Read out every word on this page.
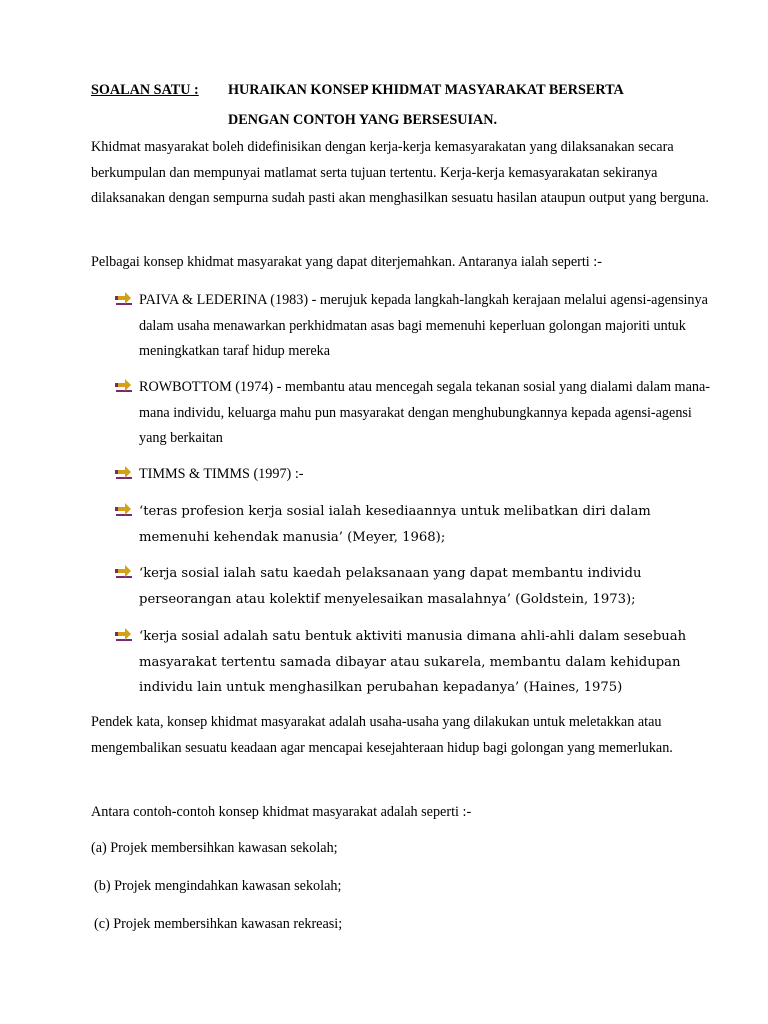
SOALAN SATU : HURAIKAN KONSEP KHIDMAT MASYARAKAT BERSERTA
DENGAN CONTOH YANG BERSESUIAN.

Khidmat masyarakat boleh didefinisikan dengan kerja-kerja kemasyarakatan yang dilaksanakan secara berkumpulan dan mempunyai matlamat serta tujuan tertentu. Kerja-kerja kemasyarakatan sekiranya dilaksanakan dengan sempurna sudah pasti akan menghasilkan sesuatu hasilan ataupun output yang berguna.

Pelbagai konsep khidmat masyarakat yang dapat diterjemahkan. Antaranya ialah seperti :-

PAIVA & LEDERINA (1983) - merujuk kepada langkah-langkah kerajaan melalui agensi-agensinya dalam usaha menawarkan perkhidmatan asas bagi memenuhi keperluan golongan majoriti untuk meningkatkan taraf hidup mereka
ROWBOTTOM (1974) - membantu atau mencegah segala tekanan sosial yang dialami dalam mana-mana individu, keluarga mahu pun masyarakat dengan menghubungkannya kepada agensi-agensi yang berkaitan
TIMMS & TIMMS (1997) :-
‘teras profesion kerja sosial ialah kesediaannya untuk melibatkan diri dalam memenuhi kehendak manusia’ (Meyer, 1968);
‘kerja sosial ialah satu kaedah pelaksanaan yang dapat membantu individu perseorangan atau kolektif menyelesaikan masalahnya’ (Goldstein, 1973);
‘kerja sosial adalah satu bentuk aktiviti manusia dimana ahli-ahli dalam sesebuah masyarakat tertentu samada dibayar atau sukarela, membantu dalam kehidupan individu lain untuk menghasilkan perubahan kepadanya’ (Haines, 1975)

Pendek kata, konsep khidmat masyarakat adalah usaha-usaha yang dilakukan untuk meletakkan atau mengembalikan sesuatu keadaan agar mencapai kesejahteraan hidup bagi golongan yang memerlukan.

Antara contoh-contoh konsep khidmat masyarakat adalah seperti :-

(a) Projek membersihkan kawasan sekolah;

(b) Projek mengindahkan kawasan sekolah;

(c) Projek membersihkan kawasan rekreasi;
